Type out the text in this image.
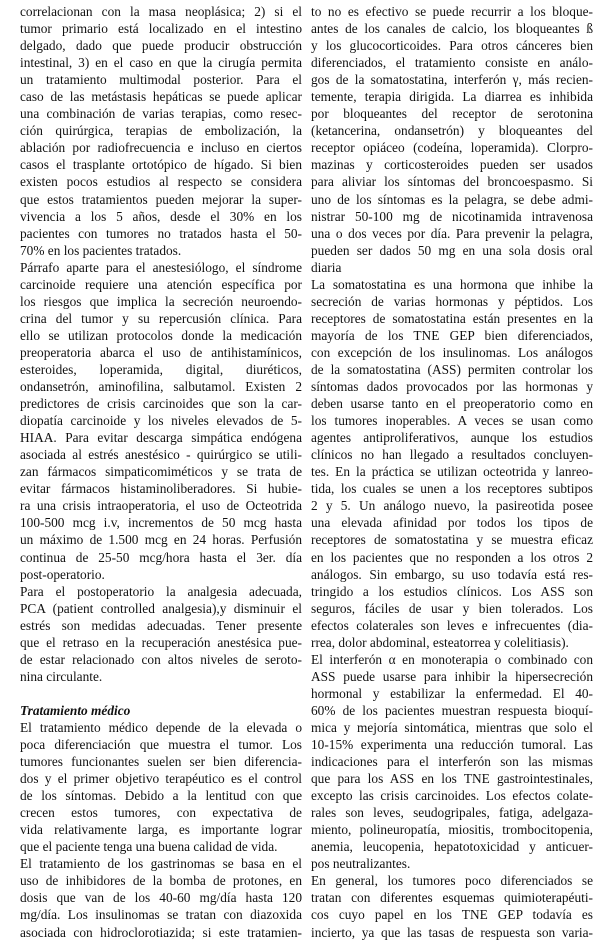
correlacionan con la masa neoplásica; 2) si el
tumor primario está localizado en el intestino
delgado, dado que puede producir obstrucción
intestinal, 3) en el caso en que la cirugía permita
un tratamiento multimodal posterior. Para el
caso de las metástasis hepáticas se puede aplicar
una combinación de varias terapias, como resec-
ción quirúrgica, terapias de embolización, la
ablación por radiofrecuencia e incluso en ciertos
casos el trasplante ortotópico de hígado. Si bien
existen pocos estudios al respecto se considera
que estos tratamientos pueden mejorar la super-
vivencia a los 5 años, desde el 30% en los
pacientes con tumores no tratados hasta el 50-
70% en los pacientes tratados.
Párrafo aparte para el anestesiólogo, el síndrome
carcinoide requiere una atención específica por
los riesgos que implica la secreción neuroendo-
crina del tumor y su repercusión clínica. Para
ello se utilizan protocolos donde la medicación
preoperatoria abarca el uso de antihistamínicos,
esteroides, loperamida, digital, diuréticos,
ondansetrón, aminofilina, salbutamol. Existen 2
predictores de crisis carcinoides que son la car-
diopatía carcinoide y los niveles elevados de 5-
HIAA. Para evitar descarga simpática endógena
asociada al estrés anestésico - quirúrgico se utili-
zan fármacos simpaticomiméticos y se trata de
evitar fármacos histaminoliberadores. Si hubie-
ra una crisis intraoperatoria, el uso de Octeotrida
100-500 mcg i.v, incrementos de 50 mcg hasta
un máximo de 1.500 mcg en 24 horas. Perfusión
continua de 25-50 mcg/hora hasta el 3er. día
post-operatorio.
Para el postoperatorio la analgesia adecuada,
PCA (patient controlled analgesia),y disminuir el
estrés son medidas adecuadas. Tener presente
que el retraso en la recuperación anestésica pue-
de estar relacionado con altos niveles de seroto-
nina circulante.
Tratamiento médico
El tratamiento médico depende de la elevada o
poca diferenciación que muestra el tumor. Los
tumores funcionantes suelen ser bien diferencia-
dos y el primer objetivo terapéutico es el control
de los síntomas. Debido a la lentitud con que
crecen estos tumores, con expectativa de
vida relativamente larga, es importante lograr
que el paciente tenga una buena calidad de vida.
El tratamiento de los gastrinomas se basa en el
uso de inhibidores de la bomba de protones, en
dosis que van de los 40-60 mg/día hasta 120
mg/día. Los insulinomas se tratan con diazoxida
asociada con hidroclorotiazida; si este tratamien-
to no es efectivo se puede recurrir a los bloque-
antes de los canales de calcio, los bloqueantes ß
y los glucocorticoides. Para otros cánceres bien
diferenciados, el tratamiento consiste en análo-
gos de la somatostatina, interferón γ, más recien-
temente, terapia dirigida. La diarrea es inhibida
por bloqueantes del receptor de serotonina
(ketancerina, ondansetrón) y bloqueantes del
receptor opiáceo (codeína, loperamida). Clorpro-
mazinas y corticosteroides pueden ser usados
para aliviar los síntomas del broncoespasmo. Si
uno de los síntomas es la pelagra, se debe admi-
nistrar 50-100 mg de nicotinamida intravenosa
una o dos veces por día. Para prevenir la pelagra,
pueden ser dados 50 mg en una sola dosis oral
diaria
La somatostatina es una hormona que inhibe la
secreción de varias hormonas y péptidos. Los
receptores de somatostatina están presentes en la
mayoría de los TNE GEP bien diferenciados,
con excepción de los insulinomas. Los análogos
de la somatostatina (ASS) permiten controlar los
síntomas dados provocados por las hormonas y
deben usarse tanto en el preoperatorio como en
los tumores inoperables. A veces se usan como
agentes antiproliferativos, aunque los estudios
clínicos no han llegado a resultados concluyen-
tes. En la práctica se utilizan octeotrida y lanreo-
tida, los cuales se unen a los receptores subtipos
2 y 5. Un análogo nuevo, la pasireotida posee
una elevada afinidad por todos los tipos de
receptores de somatostatina y se muestra eficaz
en los pacientes que no responden a los otros 2
análogos. Sin embargo, su uso todavía está res-
tringido a los estudios clínicos. Los ASS son
seguros, fáciles de usar y bien tolerados. Los
efectos colaterales son leves e infrecuentes (dia-
rrea, dolor abdominal, esteatorrea y colelitiasis).
El interferón α en monoterapia o combinado con
ASS puede usarse para inhibir la hipersecreción
hormonal y estabilizar la enfermedad. El 40-
60% de los pacientes muestran respuesta bioquí-
mica y mejoría sintomática, mientras que solo el
10-15% experimenta una reducción tumoral. Las
indicaciones para el interferón son las mismas
que para los ASS en los TNE gastrointestinales,
excepto las crisis carcinoides. Los efectos colate-
rales son leves, seudogripales, fatiga, adelgaza-
miento, polineuropatía, miositis, trombocitopenia,
anemia, leucopenia, hepatotoxicidad y anticuer-
pos neutralizantes.
En general, los tumores poco diferenciados se
tratan con diferentes esquemas quimioterapéuti-
cos cuyo papel en los TNE GEP todavía es
incierto, ya que las tasas de respuesta son varia-
